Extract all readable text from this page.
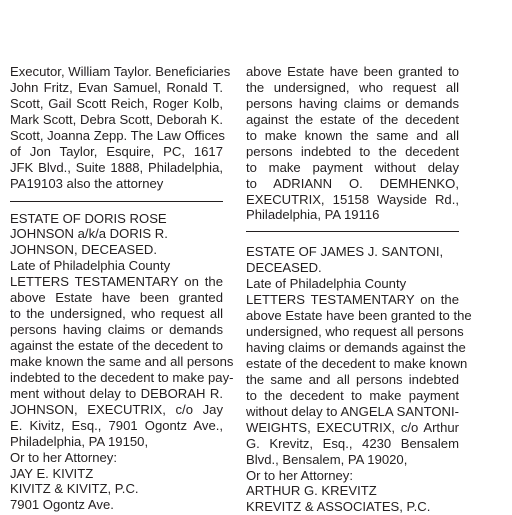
Executor, William Taylor. Beneficiaries
John Fritz, Evan Samuel, Ronald T.
Scott, Gail Scott Reich, Roger Kolb,
Mark Scott, Debra Scott, Deborah K.
Scott, Joanna Zepp. The Law Offices
of Jon Taylor, Esquire, PC, 1617
JFK Blvd., Suite 1888, Philadelphia,
PA19103 also the attorney
ESTATE OF DORIS ROSE
JOHNSON a/k/a DORIS R.
JOHNSON, DECEASED.
Late of Philadelphia County
LETTERS TESTAMENTARY on the
above Estate have been granted
to the undersigned, who request all
persons having claims or demands
against the estate of the decedent to
make known the same and all persons
indebted to the decedent to make pay-
ment without delay to DEBORAH R.
JOHNSON, EXECUTRIX, c/o Jay
E. Kivitz, Esq., 7901 Ogontz Ave.,
Philadelphia, PA 19150,
Or to her Attorney:
JAY E. KIVITZ
KIVITZ & KIVITZ, P.C.
7901 Ogontz Ave.
above Estate have been granted to
the undersigned, who request all
persons having claims or demands
against the estate of the decedent
to make known the same and all
persons indebted to the decedent
to make payment without delay
to ADRIANN O. DEMHENKO,
EXECUTRIX, 15158 Wayside Rd.,
Philadelphia, PA 19116
ESTATE OF JAMES J. SANTONI,
DECEASED.
Late of Philadelphia County
LETTERS TESTAMENTARY on the
above Estate have been granted to the
undersigned, who request all persons
having claims or demands against the
estate of the decedent to make known
the same and all persons indebted
to the decedent to make payment
without delay to ANGELA SANTONI-
WEIGHTS, EXECUTRIX, c/o Arthur
G. Krevitz, Esq., 4230 Bensalem
Blvd., Bensalem, PA 19020,
Or to her Attorney:
ARTHUR G. KREVITZ
KREVITZ & ASSOCIATES, P.C.
